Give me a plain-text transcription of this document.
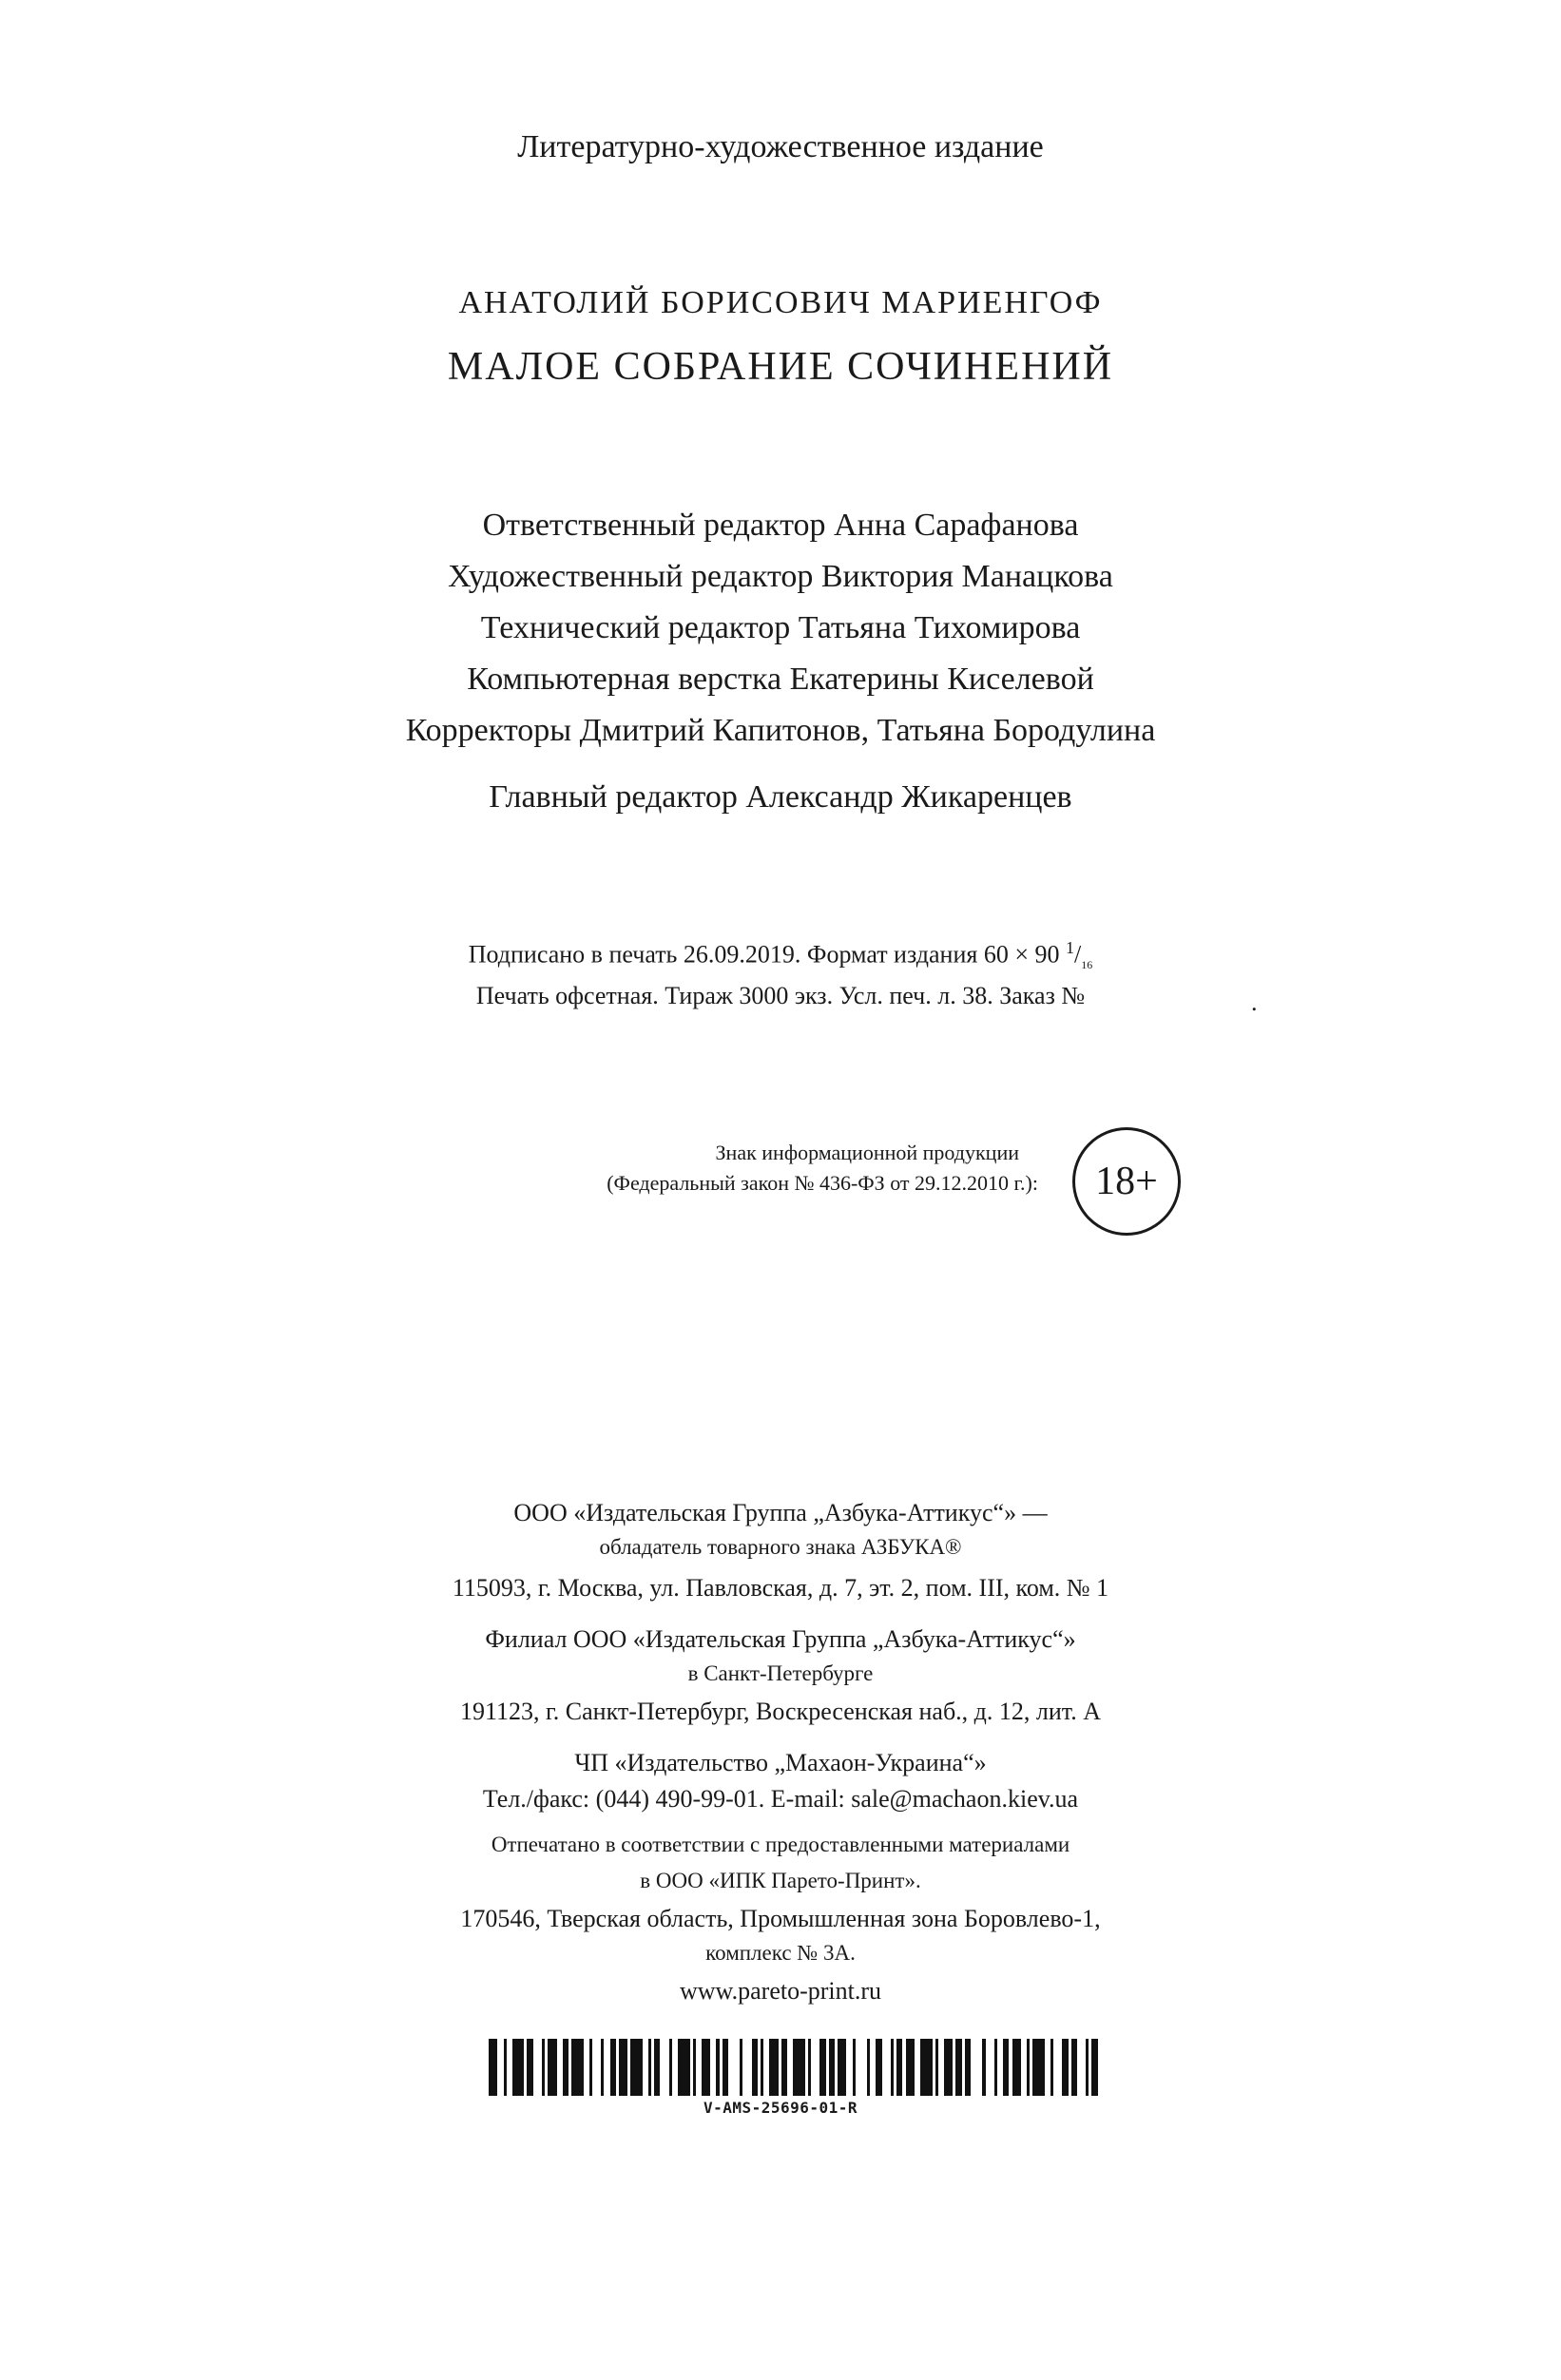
Литературно-художественное издание
АНАТОЛИЙ БОРИСОВИЧ МАРИЕНГОФ
МАЛОЕ СОБРАНИЕ СОЧИНЕНИЙ
Ответственный редактор Анна Сарафанова
Художественный редактор Виктория Манацкова
Технический редактор Татьяна Тихомирова
Компьютерная верстка Екатерины Киселевой
Корректоры Дмитрий Капитонов, Татьяна Бородулина
Главный редактор Александр Жикаренцев
Подписано в печать 26.09.2019. Формат издания 60 × 90 $^1/_{16}$
Печать офсетная. Тираж 3000 экз. Усл. печ. л. 38. Заказ №	.
Знак информационной продукции
(Федеральный закон № 436-ФЗ от 29.12.2010 г.):	18+
ООО «Издательская Группа „Азбука-Аттикус“» —
обладатель товарного знака АЗБУКА®
115093, г. Москва, ул. Павловская, д. 7, эт. 2, пом. III, ком. № 1
Филиал ООО «Издательская Группа „Азбука-Аттикус“»
в Санкт-Петербурге
191123, г. Санкт-Петербург, Воскресенская наб., д. 12, лит. А
ЧП «Издательство „Махаон-Украина“»
Тел./факс: (044) 490-99-01. E-mail: sale@machaon.kiev.ua
Отпечатано в соответствии с предоставленными материалами
в ООО «ИПК Парето-Принт».
170546, Тверская область, Промышленная зона Боровлево-1,
комплекс № 3А.
www.pareto-print.ru
V-AMS-25696-01-R
